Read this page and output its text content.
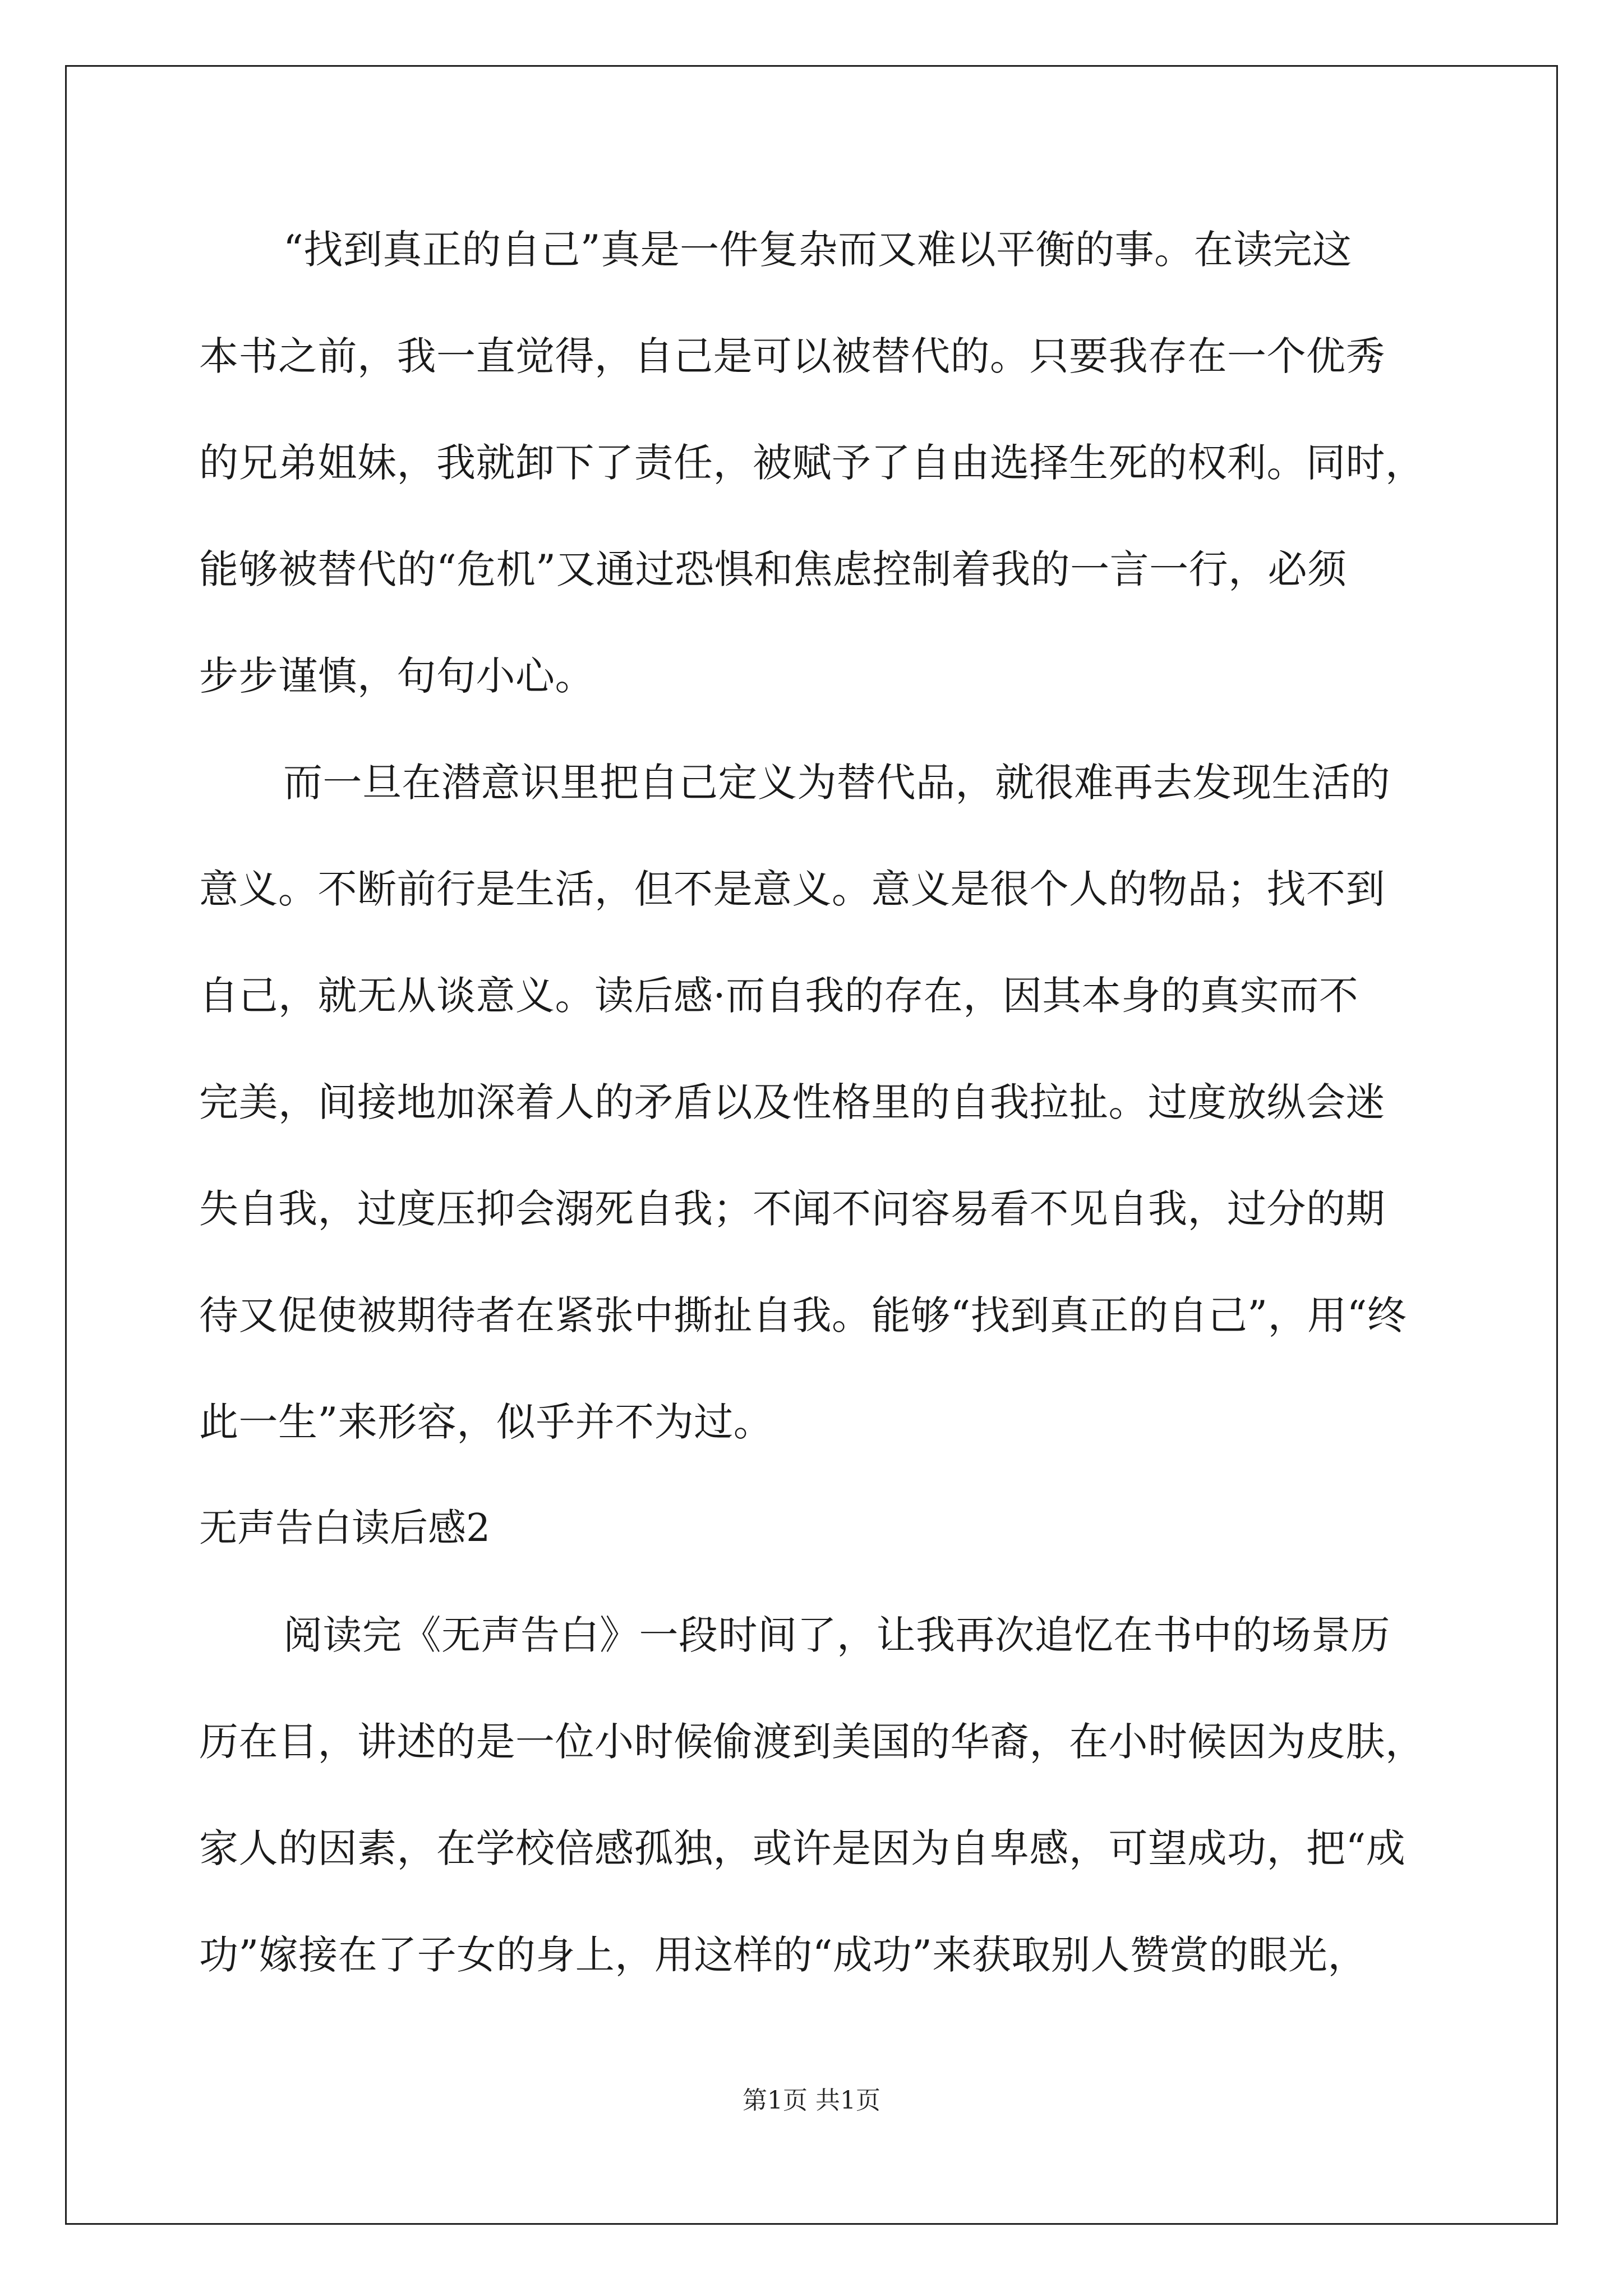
“找到真正的自己”真是一件复杂而又难以平衡的事。在读完这
本书之前，我一直觉得，自己是可以被替代的。只要我存在一个优秀
的兄弟姐妹，我就卸下了责任，被赋予了自由选择生死的权利。同时，
能够被替代的“危机”又通过恐惧和焦虑控制着我的一言一行，必须
步步谨慎，句句小心。
而一旦在潜意识里把自己定义为替代品，就很难再去发现生活的
意义。不断前行是生活，但不是意义。意义是很个人的物品；找不到
自己，就无从谈意义。读后感·而自我的存在，因其本身的真实而不
完美，间接地加深着人的矛盾以及性格里的自我拉扯。过度放纵会迷
失自我，过度压抑会溺死自我；不闻不问容易看不见自我，过分的期
待又促使被期待者在紧张中撕扯自我。能够“找到真正的自己”，用“终
此一生”来形容，似乎并不为过。
无声告白读后感2
阅读完《无声告白》一段时间了，让我再次追忆在书中的场景历
历在目，讲述的是一位小时候偷渡到美国的华裔，在小时候因为皮肤，
家人的因素，在学校倍感孤独，或许是因为自卑感，可望成功，把“成
功”嫁接在了子女的身上，用这样的“成功”来获取别人赞赏的眼光，
第1页 共1页
